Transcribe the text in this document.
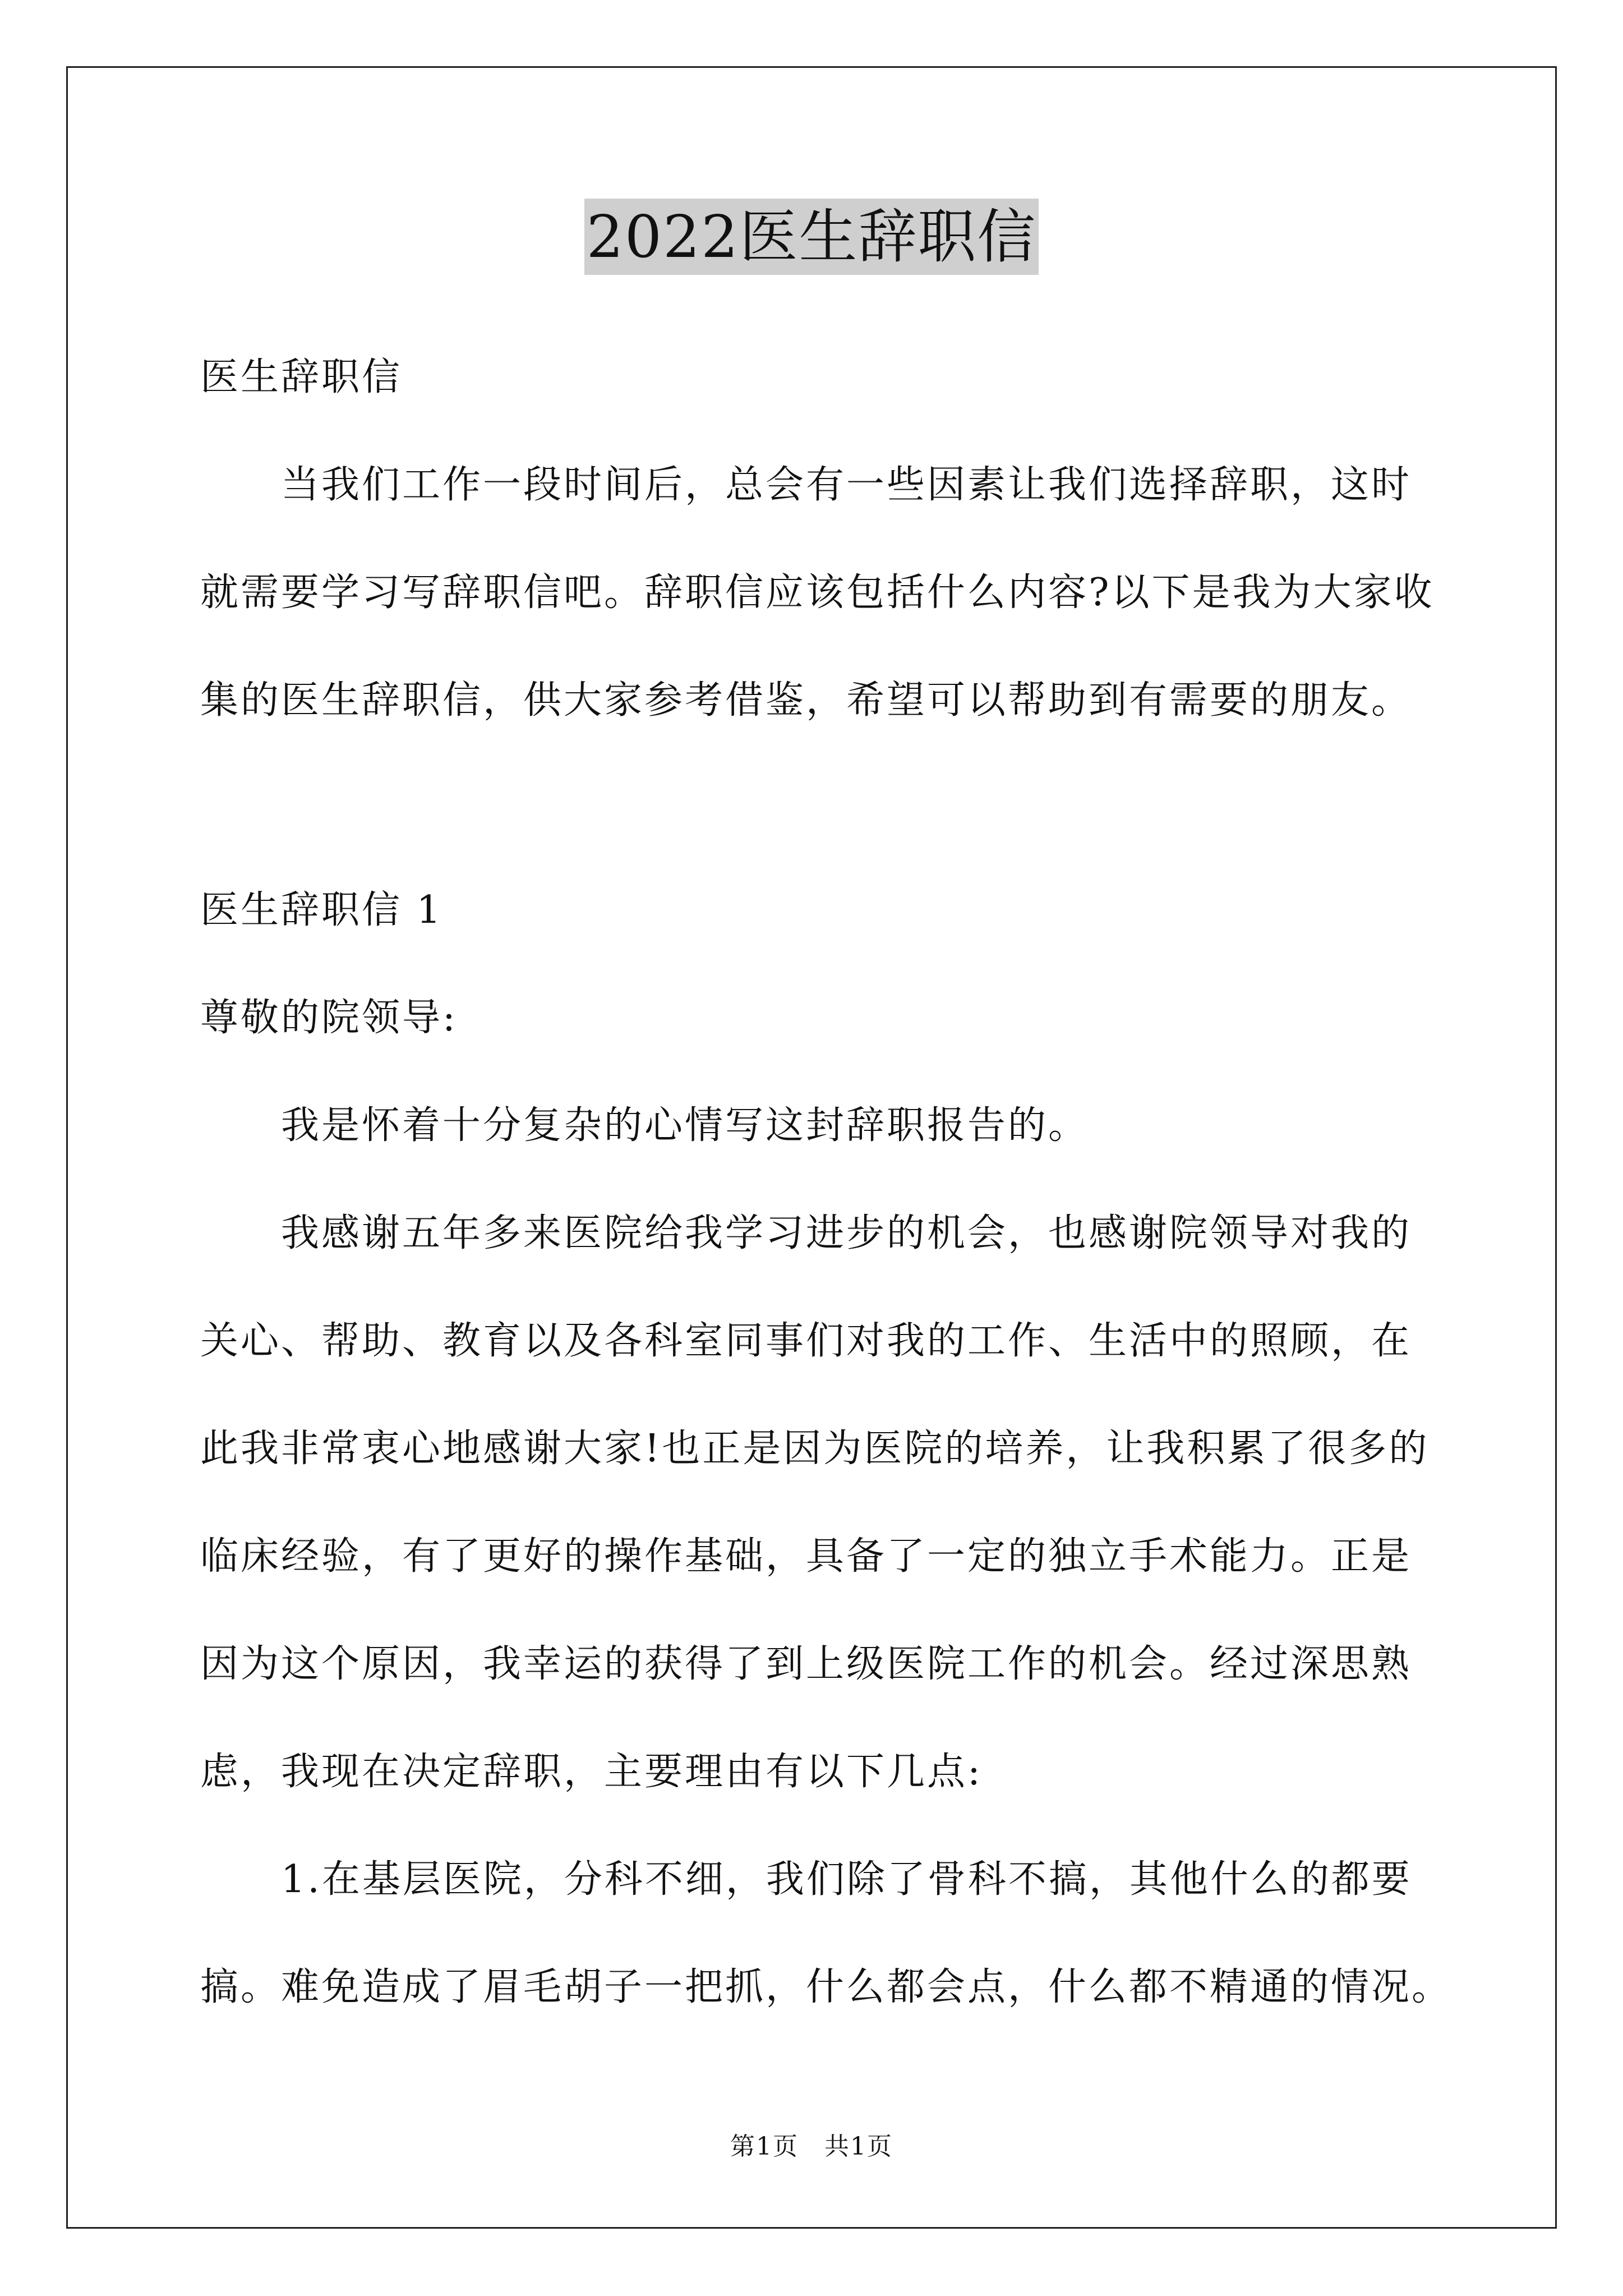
2022医生辞职信
医生辞职信
当我们工作一段时间后，总会有一些因素让我们选择辞职，这时
就需要学习写辞职信吧。辞职信应该包括什么内容?以下是我为大家收
集的医生辞职信，供大家参考借鉴，希望可以帮助到有需要的朋友。
医生辞职信 1
尊敬的院领导:
我是怀着十分复杂的心情写这封辞职报告的。
我感谢五年多来医院给我学习进步的机会，也感谢院领导对我的
关心、帮助、教育以及各科室同事们对我的工作、生活中的照顾，在
此我非常衷心地感谢大家!也正是因为医院的培养，让我积累了很多的
临床经验，有了更好的操作基础，具备了一定的独立手术能力。正是
因为这个原因，我幸运的获得了到上级医院工作的机会。经过深思熟
虑，我现在决定辞职，主要理由有以下几点:
1.在基层医院，分科不细，我们除了骨科不搞，其他什么的都要
搞。难免造成了眉毛胡子一把抓，什么都会点，什么都不精通的情况。
第1页　共1页
